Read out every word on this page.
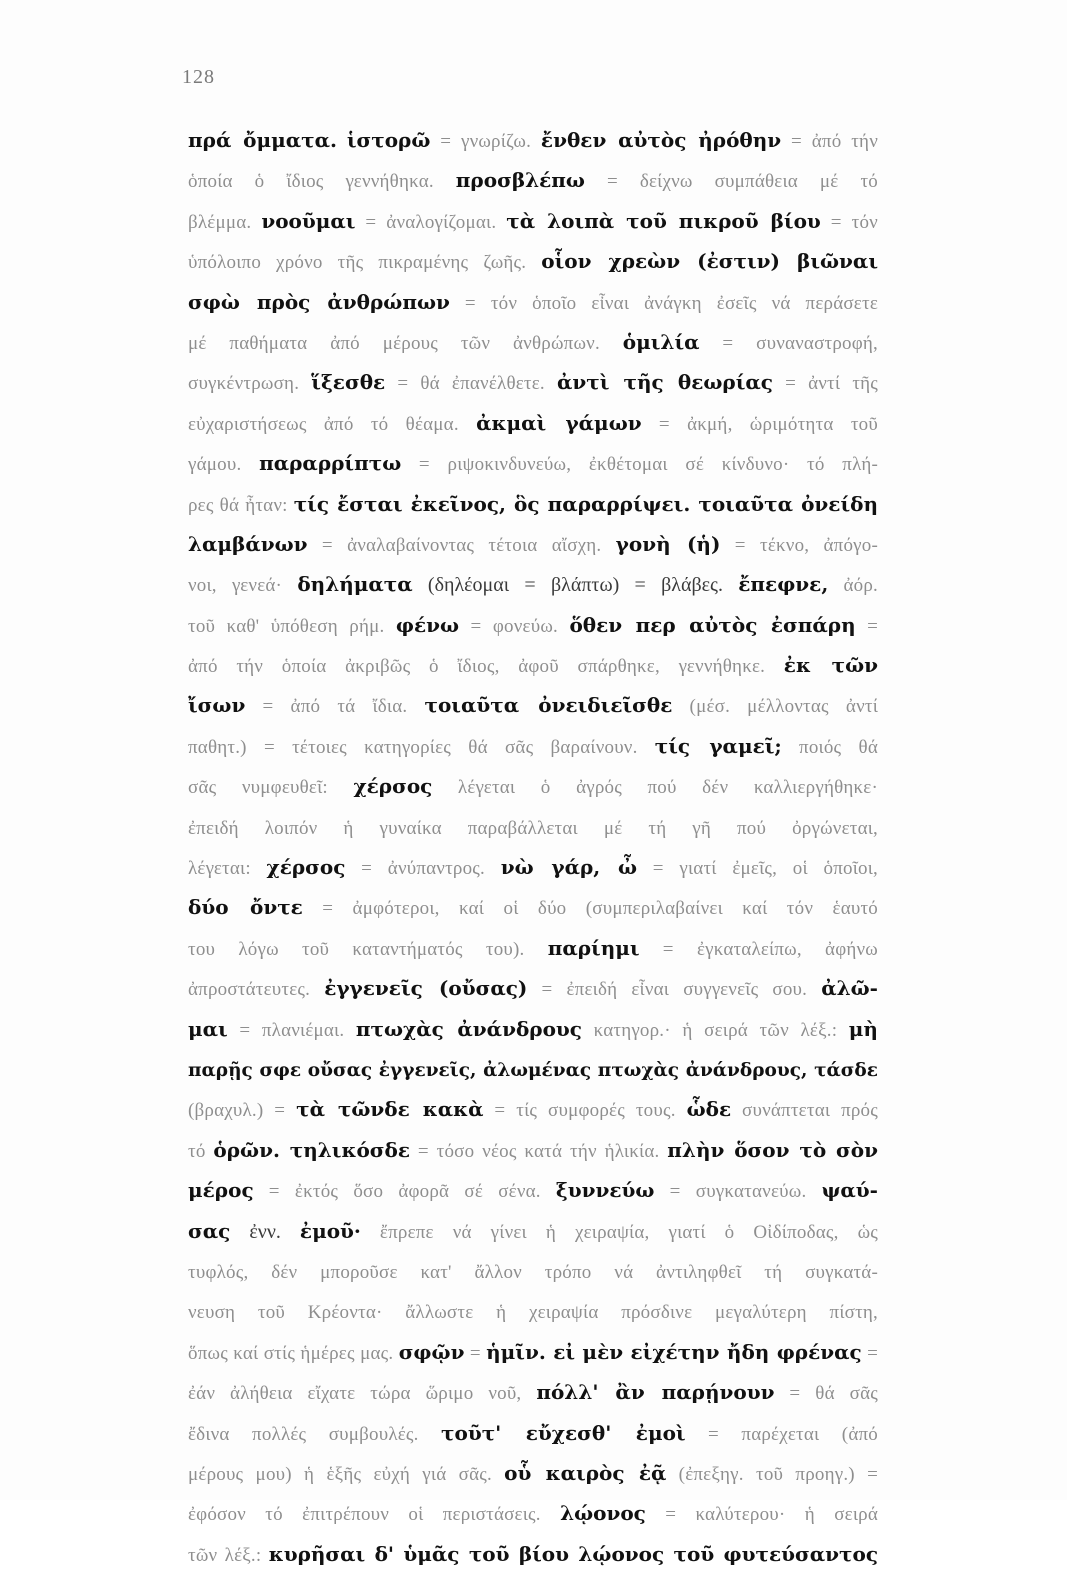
128
πρά ὄμματα. ἱστορῶ = γνωρίζω. ἔνθεν αὐτὸς ἠρόθην = ἀπό τήν
ὁποία ὁ ἴδιος γεννήθηκα. προσβλέπω = δείχνω συμπάθεια μέ τό
βλέμμα. νοοῦμαι = ἀναλογίζομαι. τὰ λοιπὰ τοῦ πικροῦ βίου = τόν
ὑπόλοιπο χρόνο τῆς πικραμένης ζωῆς. οἷον χρεὼν (ἐστιν) βιῶναι
σφὼ πρὸς ἀνθρώπων = τόν ὁποῖο εἶναι ἀνάγκη ἐσεῖς νά περάσετε
μέ παθήματα ἀπό μέρους τῶν ἀνθρώπων. ὁμιλία = συναναστροφή,
συγκέντρωση. ἵξεσθε = θά ἐπανέλθετε. ἀντὶ τῆς θεωρίας = ἀντί τῆς
εὐχαριστήσεως ἀπό τό θέαμα. ἀκμαὶ γάμων = ἀκμή, ὡριμότητα τοῦ
γάμου. παραρρίπτω = ριψοκινδυνεύω, ἐκθέτομαι σέ κίνδυνο· τό πλή-
ρες θά ἦταν: τίς ἔσται ἐκεῖνος, ὃς παραρρίψει. τοιαῦτα ὀνείδη
λαμβάνων = ἀναλαβαίνοντας τέτοια αἴσχη. γονὴ (ἡ) = τέκνο, ἀπόγο-
νοι, γενεά· δηλήματα (δηλέομαι = βλάπτω) = βλάβες. ἔπεφνε, ἀόρ.
τοῦ καθ' ὑπόθεση ρήμ. φένω = φονεύω. ὅθεν περ αὐτὸς ἐσπάρη =
ἀπό τήν ὁποία ἀκριβῶς ὁ ἴδιος, ἀφοῦ σπάρθηκε, γεννήθηκε. ἐκ τῶν
ἴσων = ἀπό τά ἴδια. τοιαῦτα ὀνειδιεῖσθε (μέσ. μέλλοντας ἀντί
παθητ.) = τέτοιες κατηγορίες θά σᾶς βαραίνουν. τίς γαμεῖ; ποιός θά
σᾶς νυμφευθεῖ: χέρσος λέγεται ὁ ἀγρός πού δέν καλλιεργήθηκε·
ἐπειδή λοιπόν ἡ γυναίκα παραβάλλεται μέ τή γῆ πού ὀργώνεται,
λέγεται: χέρσος = ἀνύπαντρος. νὼ γάρ, ὦ = γιατί ἐμεῖς, οἱ ὁποῖοι,
δύο ὄντε = ἀμφότεροι, καί οἱ δύο (συμπεριλαβαίνει καί τόν ἑαυτό
του λόγω τοῦ καταντήματός του). παρίημι = ἐγκαταλείπω, ἀφήνω
ἀπροστάτευτες. ἐγγενεῖς (οὔσας) = ἐπειδή εἶναι συγγενεῖς σου. ἀλῶ-
μαι = πλανιέμαι. πτωχὰς ἀνάνδρους κατηγορ.· ἡ σειρά τῶν λέξ.: μὴ
παρῇς σφε οὔσας ἐγγενεῖς, ἀλωμένας πτωχὰς ἀνάνδρους, τάσδε
(βραχυλ.) = τὰ τῶνδε κακὰ = τίς συμφορές τους. ὧδε συνάπτεται πρός
τό ὁρῶν. τηλικόσδε = τόσο νέος κατά τήν ἡλικία. πλὴν ὅσον τὸ σὸν
μέρος = ἐκτός ὅσο ἀφορᾶ σέ σένα. ξυννεύω = συγκατανεύω. ψαύ-
σας ἐνν. ἐμοῦ· ἔπρεπε νά γίνει ἡ χειραψία, γιατί ὁ Οἰδίποδας, ὡς
τυφλός, δέν μποροῦσε κατ' ἄλλον τρόπο νά ἀντιληφθεῖ τή συγκατά-
νευση τοῦ Κρέοντα· ἄλλωστε ἡ χειραψία πρόσδινε μεγαλύτερη πίστη,
ὅπως καί στίς ἡμέρες μας. σφῷν = ἡμῖν. εἰ μὲν εἰχέτην ἤδη φρένας =
ἐάν ἀλήθεια εἴχατε τώρα ὥριμο νοῦ, πόλλ' ἂν παρῄνουν = θά σᾶς
ἔδινα πολλές συμβουλές. τοῦτ' εὔχεσθ' ἐμοὶ = παρέχεται (ἀπό
μέρους μου) ἡ ἑξῆς εὐχή γιά σᾶς. οὗ καιρὸς ἐᾷ (ἐπεξηγ. τοῦ προηγ.) =
ἐφόσον τό ἐπιτρέπουν οἱ περιστάσεις. λῴονος = καλύτερου· ἡ σειρά
τῶν λέξ.: κυρῆσαι δ' ὑμᾶς τοῦ βίου λῴονος τοῦ φυτεύσαντος
